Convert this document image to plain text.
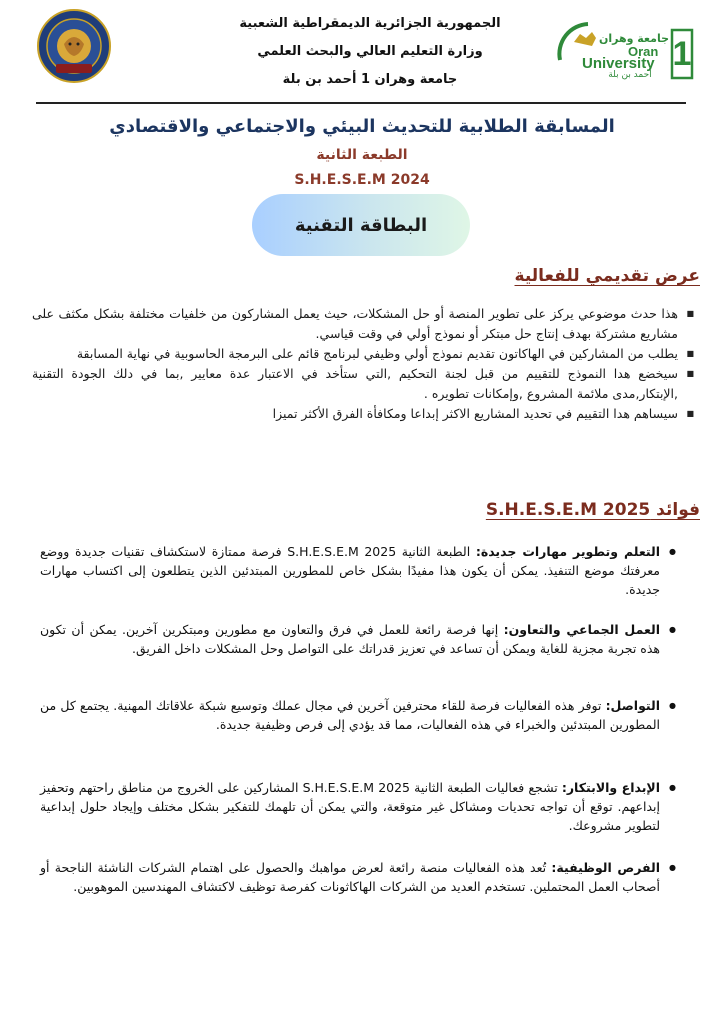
الجمهورية الجزائرية الديمقراطية الشعبية
وزارة التعليم العالي والبحث العلمي
جامعة وهران 1 أحمد بن بلة
جامعة وهران
Oran
University 1
أحمد بن بلة
المسابقة الطلابية للتحديث البيئي والاجتماعي والاقتصادي
الطبعة الثانية
S.H.E.S.E.M 2024
البطاقة التقنية
عرض تقديمي للفعالية
■ هذا حدث موضوعي يركز على تطوير المنصة أو حل المشكلات، حيث يعمل المشاركون من خلفيات مختلفة بشكل مكثف على مشاريع مشتركة بهدف إنتاج حل مبتكر أو نموذج أولي في وقت قياسي.
■ يطلب من المشاركين في الهاكاتون تقديم نموذج أولي وظيفي لبرنامج قائم على البرمجة الحاسوبية في نهاية المسابقة
■ سيخضع هدا النموذج للتقييم من قبل لجنة التحكيم ,التي ستأخد في الاعتبار عدة معايير ,بما في دلك الجودة التقنية ,الإبتكار,مدى ملائمة المشروع ,وإمكانات تطويره .
■ سيساهم هدا التقييم في تحديد المشاريع الاكثر إبداعا ومكافأة الفرق الأكثر تميزا
فوائد S.H.E.S.E.M 2025
● التعلم وتطوير مهارات جديدة: الطبعة الثانية S.H.E.S.E.M 2025 فرصة ممتازة لاستكشاف تقنيات جديدة ووضع معرفتك موضع التنفيذ. يمكن أن يكون هذا مفيدًا بشكل خاص للمطورين المبتدئين الذين يتطلعون إلى اكتساب مهارات جديدة.
● العمل الجماعي والتعاون: إنها فرصة رائعة للعمل في فرق والتعاون مع مطورين ومبتكرين آخرين. يمكن أن تكون هذه تجربة مجزية للغاية ويمكن أن تساعد في تعزيز قدراتك على التواصل وحل المشكلات داخل الفريق.
● التواصل: توفر هذه الفعاليات فرصة للقاء محترفين آخرين في مجال عملك وتوسيع شبكة علاقاتك المهنية. يجتمع كل من المطورين المبتدئين والخبراء في هذه الفعاليات، مما قد يؤدي إلى فرص وظيفية جديدة.
● الإبداع والابتكار: تشجع فعاليات الطبعة الثانية S.H.E.S.E.M 2025 المشاركين على الخروج من مناطق راحتهم وتحفيز إبداعهم. توقع أن تواجه تحديات ومشاكل غير متوقعة، والتي يمكن أن تلهمك للتفكير بشكل مختلف وإيجاد حلول إبداعية لتطوير مشروعك.
● الفرص الوظيفية: تُعد هذه الفعاليات منصة رائعة لعرض مواهبك والحصول على اهتمام الشركات الناشئة الناجحة أو أصحاب العمل المحتملين. تستخدم العديد من الشركات الهاكاثونات كفرصة توظيف لاكتشاف المهندسين الموهوبين.
